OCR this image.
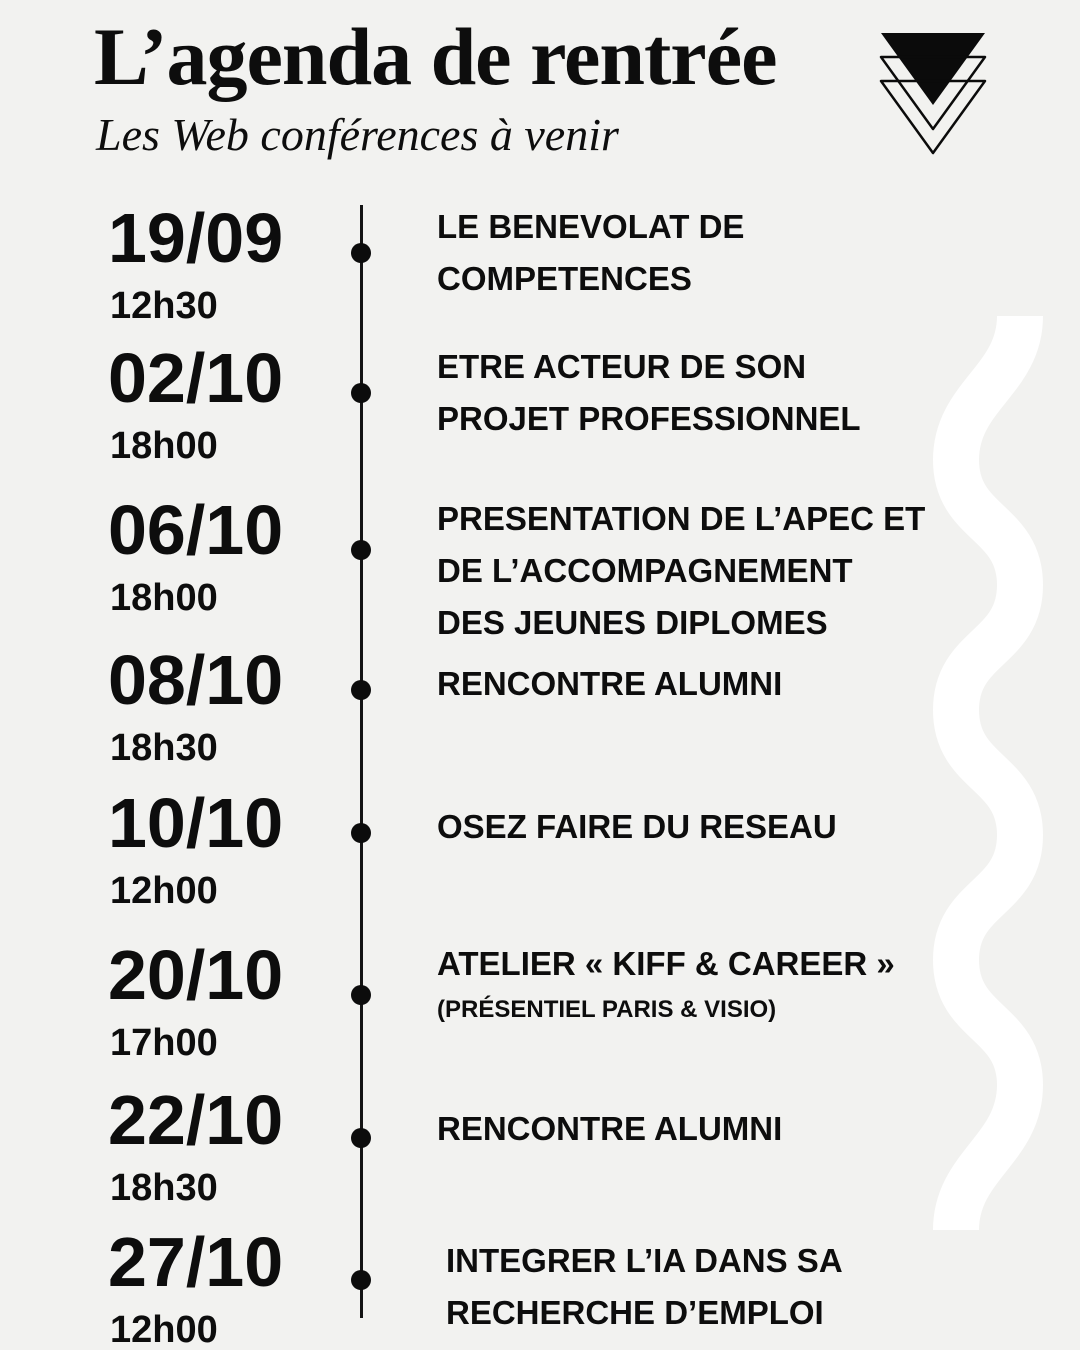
L’agenda de rentrée
Les Web conférences à venir
19/09
12h30
LE BENEVOLAT DE
COMPETENCES
02/10
18h00
ETRE ACTEUR DE SON
PROJET PROFESSIONNEL
06/10
18h00
PRESENTATION DE L’APEC ET
DE L’ACCOMPAGNEMENT
DES JEUNES DIPLOMES
08/10
18h30
RENCONTRE ALUMNI
10/10
12h00
OSEZ FAIRE DU RESEAU
20/10
17h00
ATELIER « KIFF & CAREER »
(PRÉSENTIEL PARIS & VISIO)
22/10
18h30
RENCONTRE ALUMNI
27/10
12h00
INTEGRER L’IA DANS SA
RECHERCHE D’EMPLOI
